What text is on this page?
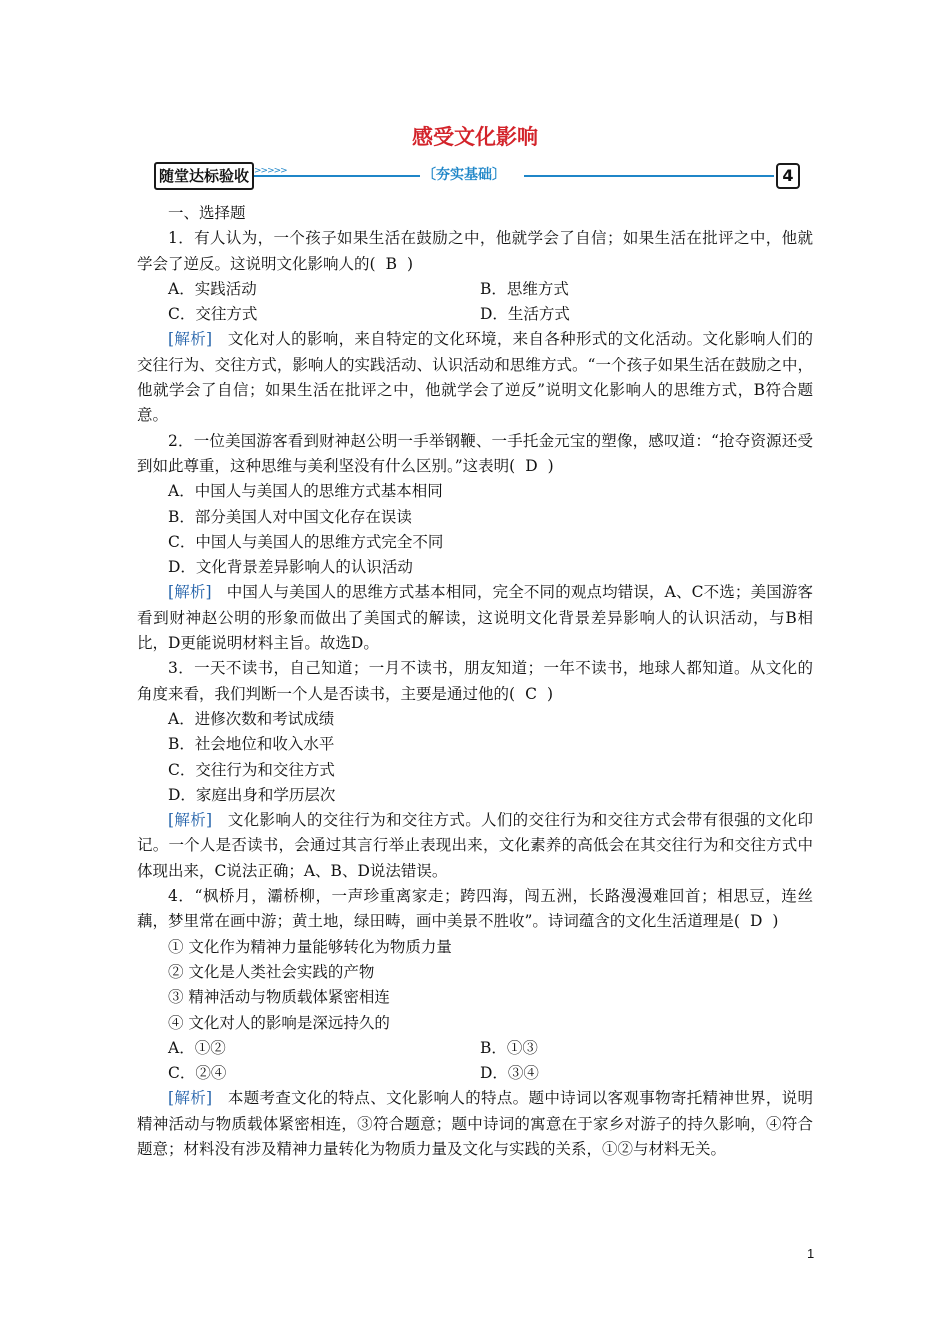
感受文化影响
随堂达标验收 >>>>>	〔夯实基础〕	4
一、选择题
1．有人认为，一个孩子如果生活在鼓励之中，他就学会了自信；如果生活在批评之中，他就学会了逆反。这说明文化影响人的( B )
A．实践活动	B．思维方式
C．交往方式	D．生活方式
[解析] 文化对人的影响，来自特定的文化环境，来自各种形式的文化活动。文化影响人们的交往行为、交往方式，影响人的实践活动、认识活动和思维方式。“一个孩子如果生活在鼓励之中，他就学会了自信；如果生活在批评之中，他就学会了逆反”说明文化影响人的思维方式，B符合题意。
2．一位美国游客看到财神赵公明一手举钢鞭、一手托金元宝的塑像，感叹道：“抢夺资源还受到如此尊重，这种思维与美利坚没有什么区别。”这表明( D )
A．中国人与美国人的思维方式基本相同
B．部分美国人对中国文化存在误读
C．中国人与美国人的思维方式完全不同
D．文化背景差异影响人的认识活动
[解析] 中国人与美国人的思维方式基本相同，完全不同的观点均错误，A、C不选；美国游客看到财神赵公明的形象而做出了美国式的解读，这说明文化背景差异影响人的认识活动，与B相比，D更能说明材料主旨。故选D。
3．一天不读书，自己知道；一月不读书，朋友知道；一年不读书，地球人都知道。从文化的角度来看，我们判断一个人是否读书，主要是通过他的( C )
A．进修次数和考试成绩
B．社会地位和收入水平
C．交往行为和交往方式
D．家庭出身和学历层次
[解析] 文化影响人的交往行为和交往方式。人们的交往行为和交往方式会带有很强的文化印记。一个人是否读书，会通过其言行举止表现出来，文化素养的高低会在其交往行为和交往方式中体现出来，C说法正确；A、B、D说法错误。
4．“枫桥月，灞桥柳，一声珍重离家走；跨四海，闯五洲，长路漫漫难回首；相思豆，连丝藕，梦里常在画中游；黄土地，绿田畴，画中美景不胜收”。诗词蕴含的文化生活道理是( D )
① 文化作为精神力量能够转化为物质力量
② 文化是人类社会实践的产物
③ 精神活动与物质载体紧密相连
④ 文化对人的影响是深远持久的
A．①②	B．①③
C．②④	D．③④
[解析] 本题考查文化的特点、文化影响人的特点。题中诗词以客观事物寄托精神世界，说明精神活动与物质载体紧密相连，③符合题意；题中诗词的寓意在于家乡对游子的持久影响，④符合题意；材料没有涉及精神力量转化为物质力量及文化与实践的关系，①②与材料无关。
1
